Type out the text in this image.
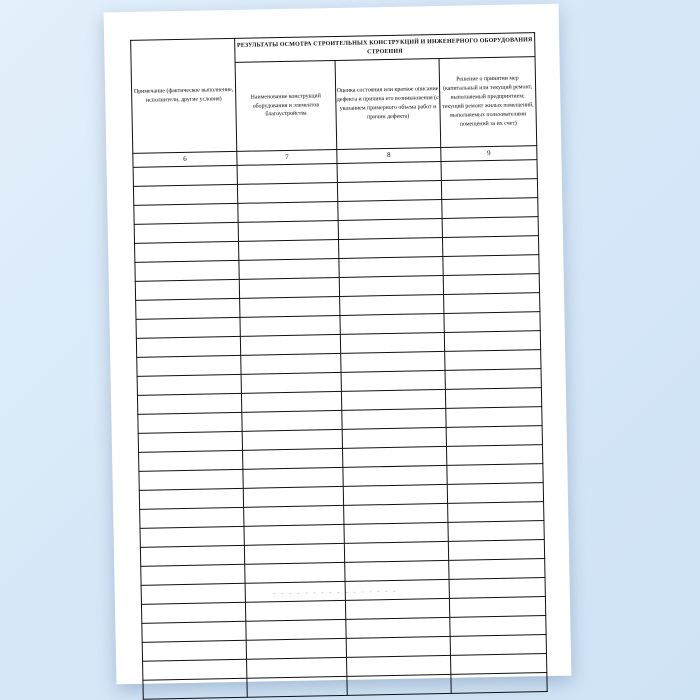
Примечание (фактическое выполнение, исполнители, другие условия)	РЕЗУЛЬТАТЫ ОСМОТРА СТРОИТЕЛЬНЫХ КОНСТРУКЦИЙ И ИНЖЕНЕРНОГО ОБОРУДОВАНИЯ СТРОЕНИЯ		
	Наименование конструкций оборудования и элементов благоустройства	Оценка состояния или краткое описание дефекта и причина его возникновения (с указанием примерного объема работ и причин дефекта)	Решение о принятии мер (капитальный или текущий ремонт, выполняемый предприятием; текущий ремонт жилых помещений, выполняемых пользователями помещений за их счет)
6	7	8	9

- - - - - - - - - - - - - - - -
